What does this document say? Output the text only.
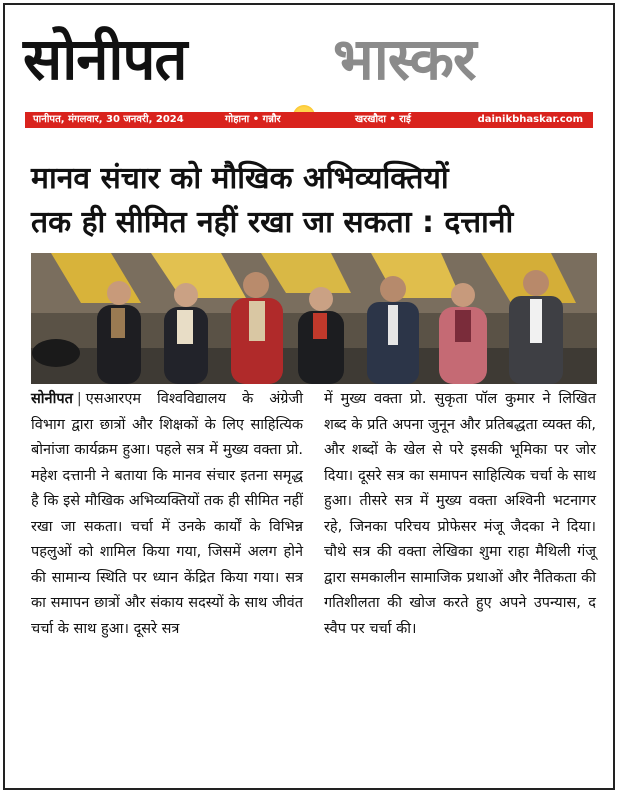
सोनीपत	भास्कर
पानीपत, मंगलवार, 30 जनवरी, 2024	गोहाना • गन्नौर	खरखौदा • राई	dainikbhaskar.com
मानव संचार को मौखिक अभिव्यक्तियों
तक ही सीमित नहीं रखा जा सकता : दत्तानी
सोनीपत | एसआरएम विश्वविद्यालय के अंग्रेजी विभाग द्वारा छात्रों और शिक्षकों के लिए साहित्यिक बोनांजा कार्यक्रम हुआ। पहले सत्र में मुख्य वक्ता प्रो. महेश दत्तानी ने बताया कि मानव संचार इतना समृद्ध है कि इसे मौखिक अभिव्यक्तियों तक ही सीमित नहीं रखा जा सकता। चर्चा में उनके कार्यों के विभिन्न पहलुओं को शामिल किया गया, जिसमें अलग होने की सामान्य स्थिति पर ध्यान केंद्रित किया गया। सत्र का समापन छात्रों और संकाय सदस्यों के साथ जीवंत चर्चा के साथ हुआ। दूसरे सत्र
में मुख्य वक्ता प्रो. सुकृता पॉल कुमार ने लिखित शब्द के प्रति अपना जुनून और प्रतिबद्धता व्यक्त की, और शब्दों के खेल से परे इसकी भूमिका पर जोर दिया। दूसरे सत्र का समापन साहित्यिक चर्चा के साथ हुआ। तीसरे सत्र में मुख्य वक्ता अश्विनी भटनागर रहे, जिनका परिचय प्रोफेसर मंजू जैदका ने दिया। चौथे सत्र की वक्ता लेखिका शुमा राहा मैथिली गंजू द्वारा समकालीन सामाजिक प्रथाओं और नैतिकता की गतिशीलता की खोज करते हुए अपने उपन्यास, द स्वैप पर चर्चा की।
